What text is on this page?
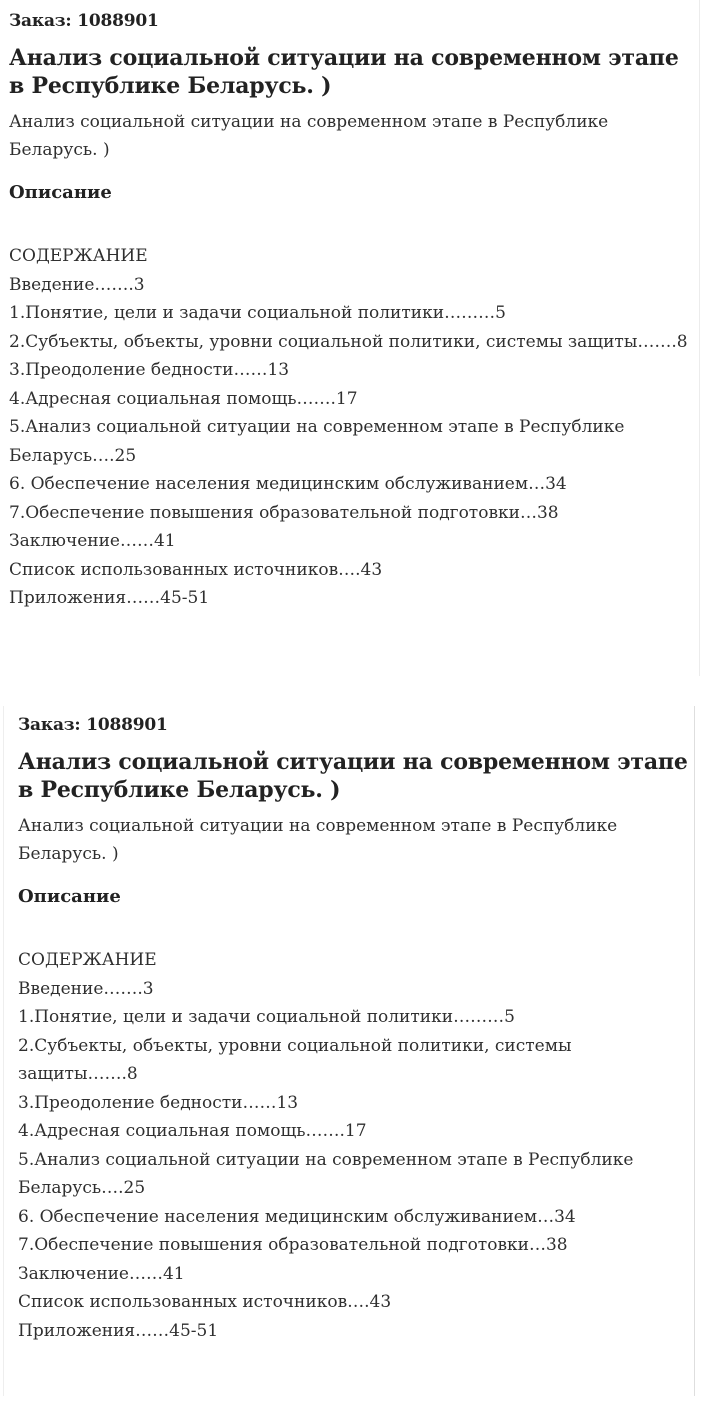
Заказ: 1088901
Анализ социальной ситуации на современном этапе в Республике Беларусь. )
Анализ социальной ситуации на современном этапе в Республике Беларусь. )
Описание
СОДЕРЖАНИЕ
Введение…….3
1.Понятие, цели и задачи социальной политики………5
2.Субъекты, объекты, уровни социальной политики, системы защиты…….8
3.Преодоление бедности……13
4.Адресная социальная помощь…….17
5.Анализ социальной ситуации на современном этапе в Республике Беларусь….25
6. Обеспечение населения медицинским обслуживанием…34
7.Обеспечение повышения образовательной подготовки…38
Заключение……41
Список использованных источников….43
Приложения……45-51
Заказ: 1088901
Анализ социальной ситуации на современном этапе в Республике Беларусь. )
Анализ социальной ситуации на современном этапе в Республике Беларусь. )
Описание
СОДЕРЖАНИЕ
Введение…….3
1.Понятие, цели и задачи социальной политики………5
2.Субъекты, объекты, уровни социальной политики, системы защиты…….8
3.Преодоление бедности……13
4.Адресная социальная помощь…….17
5.Анализ социальной ситуации на современном этапе в Республике Беларусь….25
6. Обеспечение населения медицинским обслуживанием…34
7.Обеспечение повышения образовательной подготовки…38
Заключение……41
Список использованных источников….43
Приложения……45-51
